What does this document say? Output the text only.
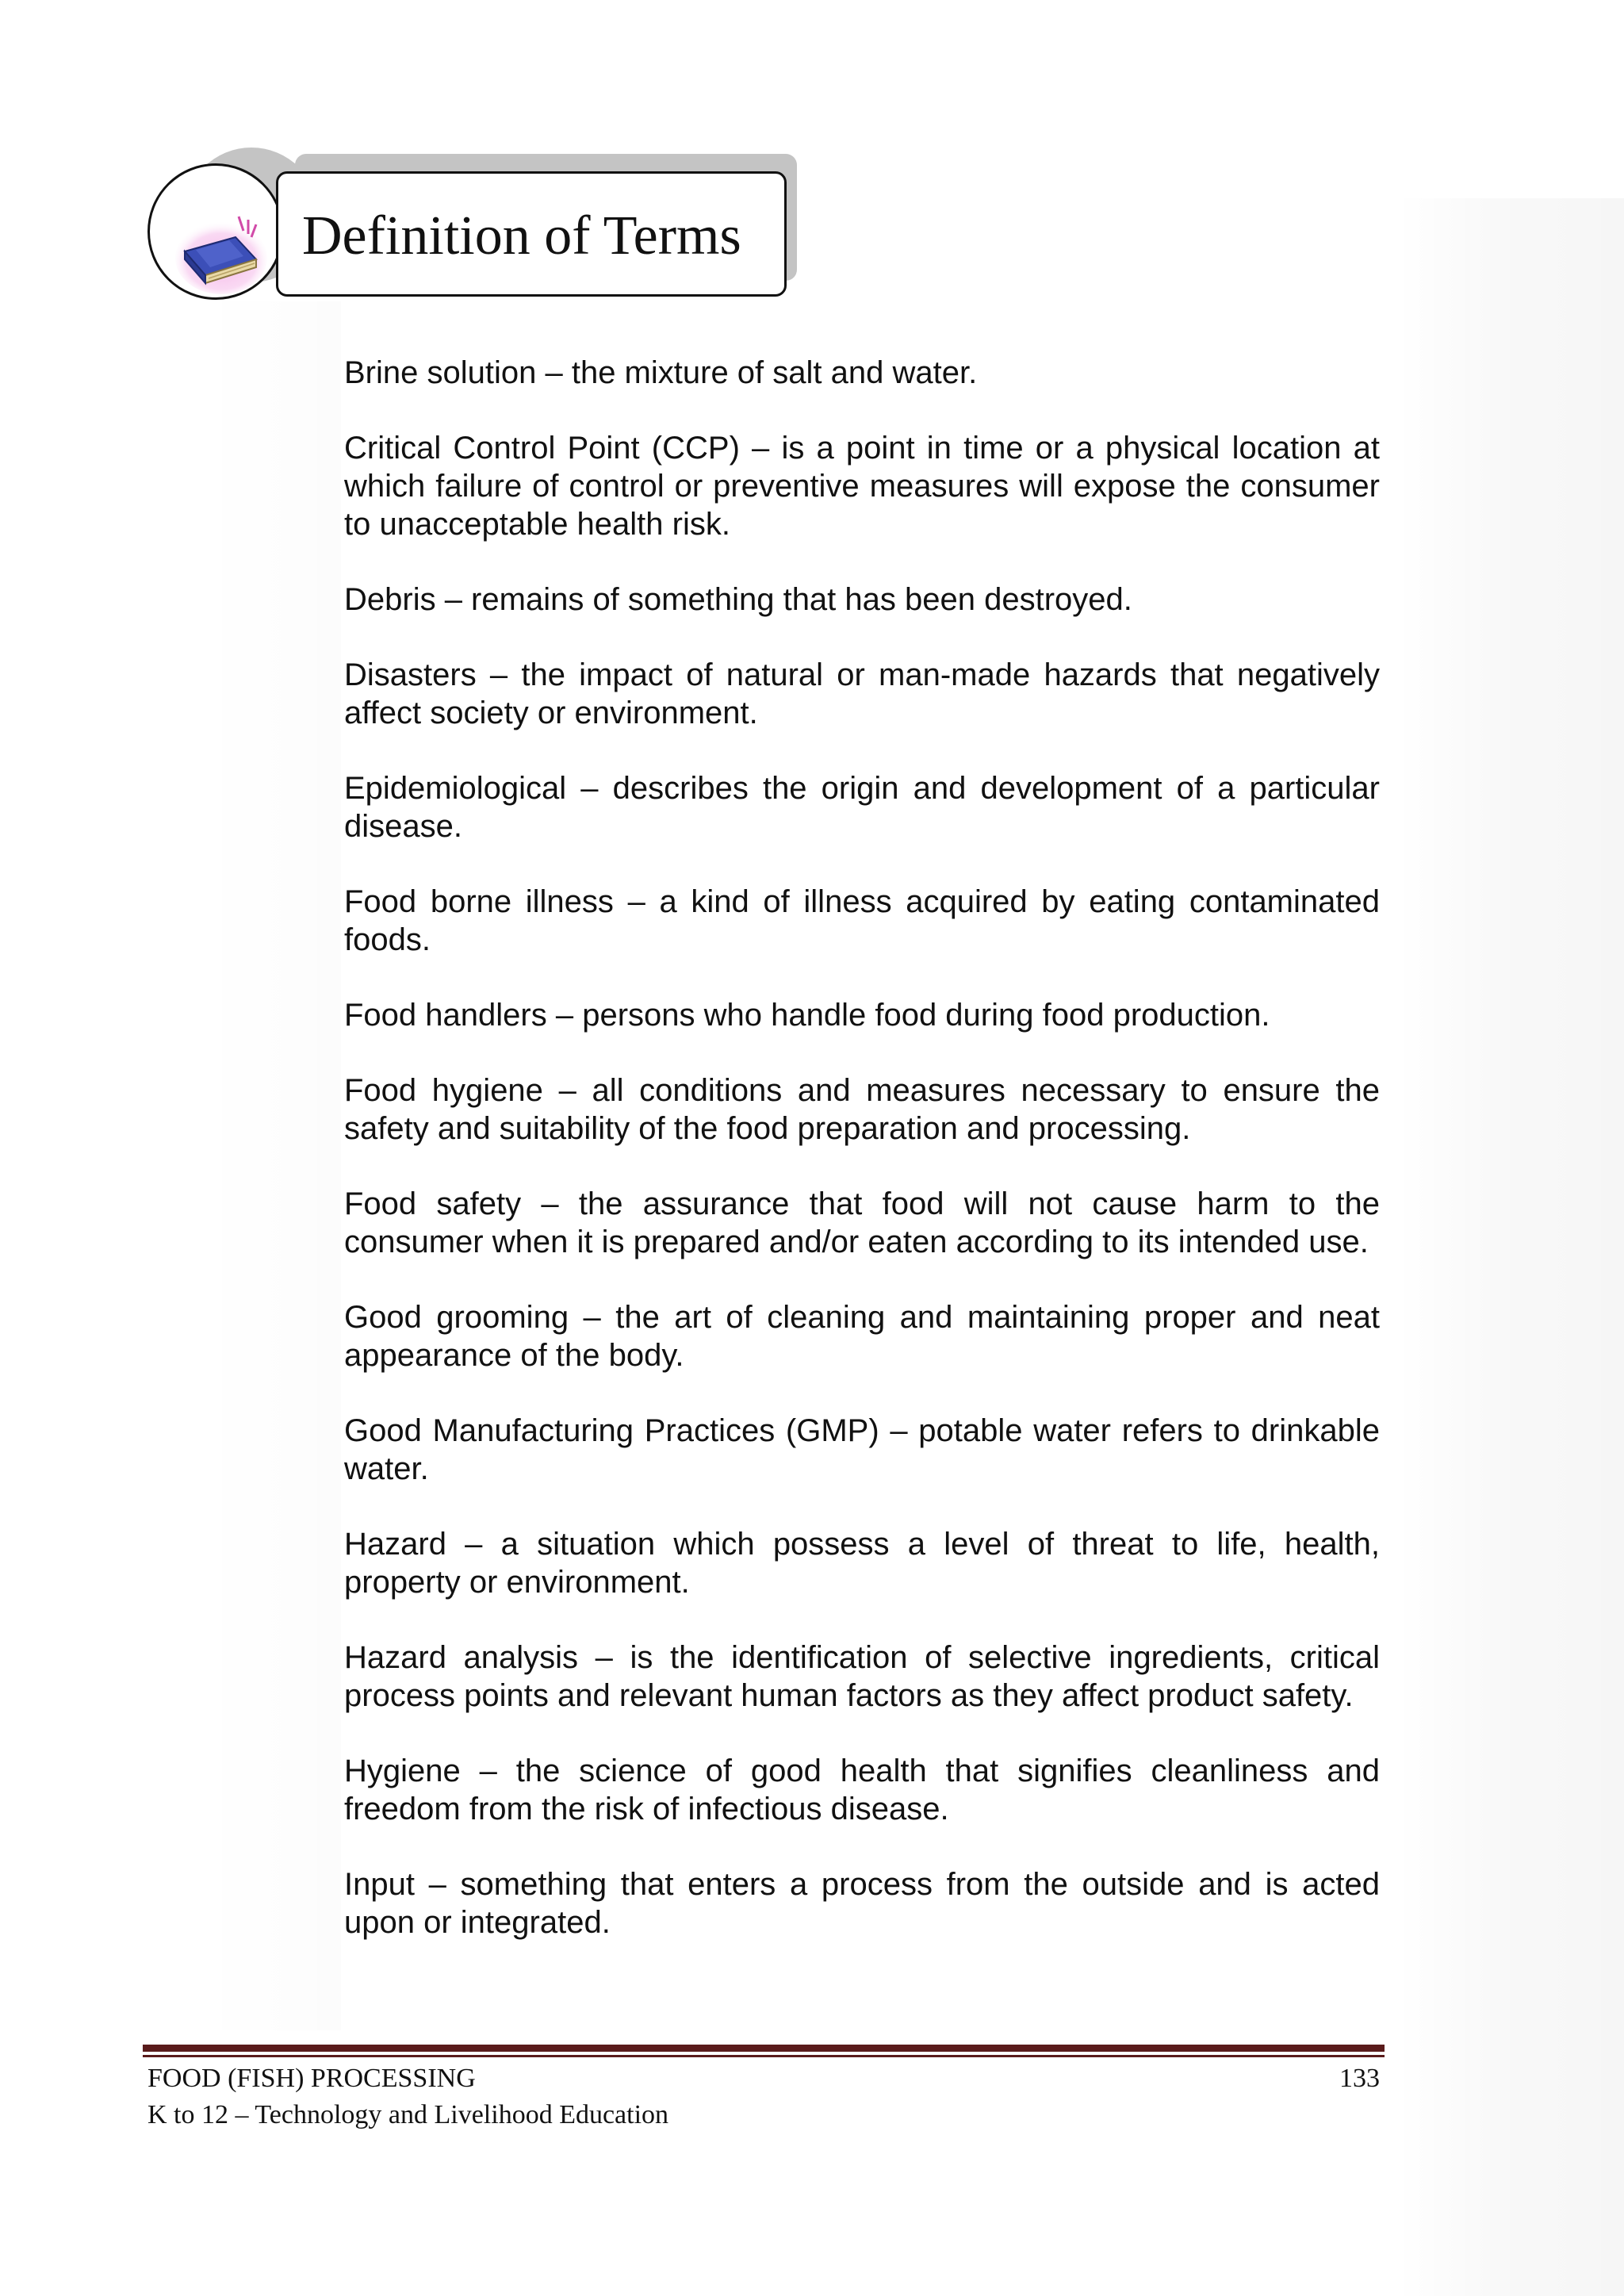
Definition of Terms

Brine solution – the mixture of salt and water.

Critical Control Point (CCP) – is a point in time or a physical location at which failure of control or preventive measures will expose the consumer to unacceptable health risk.

Debris – remains of something that has been destroyed.

Disasters – the impact of natural or man-made hazards that negatively affect society or environment.

Epidemiological – describes the origin and development of a particular disease.

Food borne illness – a kind of illness acquired by eating contaminated foods.

Food handlers – persons who handle food during food production.

Food hygiene – all conditions and measures necessary to ensure the safety and suitability of the food preparation and processing.

Food safety – the assurance that food will not cause harm to the consumer when it is prepared and/or eaten according to its intended use.

Good grooming – the art of cleaning and maintaining proper and neat appearance of the body.

Good Manufacturing Practices (GMP) – potable water refers to drinkable water.

Hazard – a situation which possess a level of threat to life, health, property or environment.

Hazard analysis – is the identification of selective ingredients, critical process points and relevant human factors as they affect product safety.

Hygiene – the science of good health that signifies cleanliness and freedom from the risk of infectious disease.

Input – something that enters a process from the outside and is acted upon or integrated.

FOOD (FISH) PROCESSING
K to 12 – Technology and Livelihood Education
133
